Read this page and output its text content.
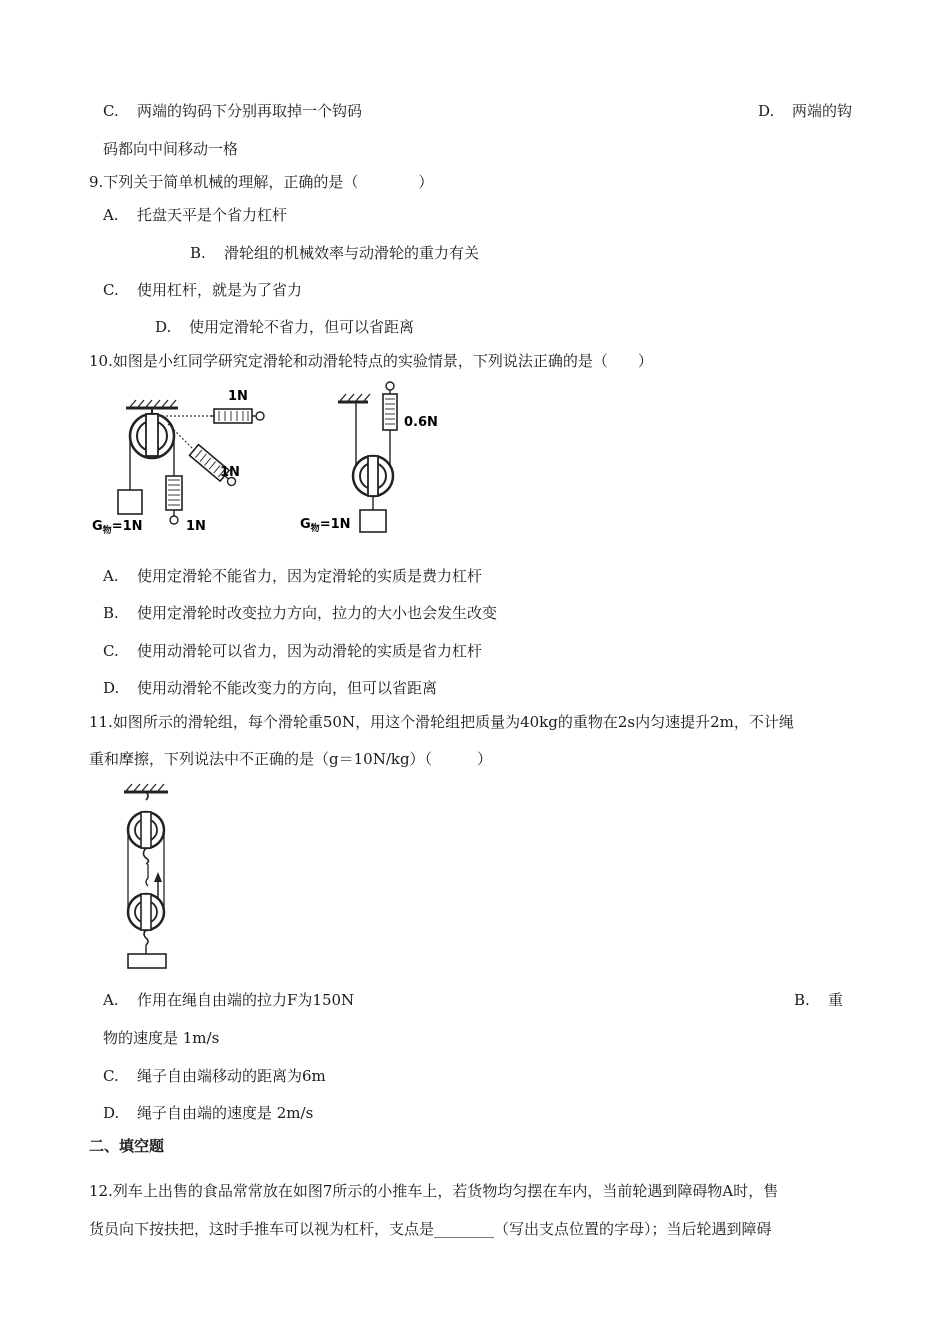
C. 两端的钩码下分别再取掉一个钩码	D. 两端的钩
码都向中间移动一格
9.下列关于简单机械的理解，正确的是（　　　　）
A. 托盘天平是个省力杠杆
B. 滑轮组的机械效率与动滑轮的重力有关
C. 使用杠杆，就是为了省力
D. 使用定滑轮不省力，但可以省距离
10.如图是小红同学研究定滑轮和动滑轮特点的实验情景，下列说法正确的是（　　）
1N
1N
1N
$G_物=1N$
0.6N
$G_物=1N$
A. 使用定滑轮不能省力，因为定滑轮的实质是费力杠杆
B. 使用定滑轮时改变拉力方向，拉力的大小也会发生改变
C. 使用动滑轮可以省力，因为动滑轮的实质是省力杠杆
D. 使用动滑轮不能改变力的方向，但可以省距离
11.如图所示的滑轮组，每个滑轮重50N，用这个滑轮组把质量为40kg的重物在2s内匀速提升2m，不计绳
重和摩擦，下列说法中不正确的是（g＝10N/kg）（　　　）
A. 作用在绳自由端的拉力F为150N	B. 重
物的速度是 1m/s
C. 绳子自由端移动的距离为6m
D. 绳子自由端的速度是 2m/s
二、填空题
12.列车上出售的食品常常放在如图7所示的小推车上，若货物均匀摆在车内，当前轮遇到障碍物A时，售
货员向下按扶把，这时手推车可以视为杠杆，支点是________（写出支点位置的字母）；当后轮遇到障碍
